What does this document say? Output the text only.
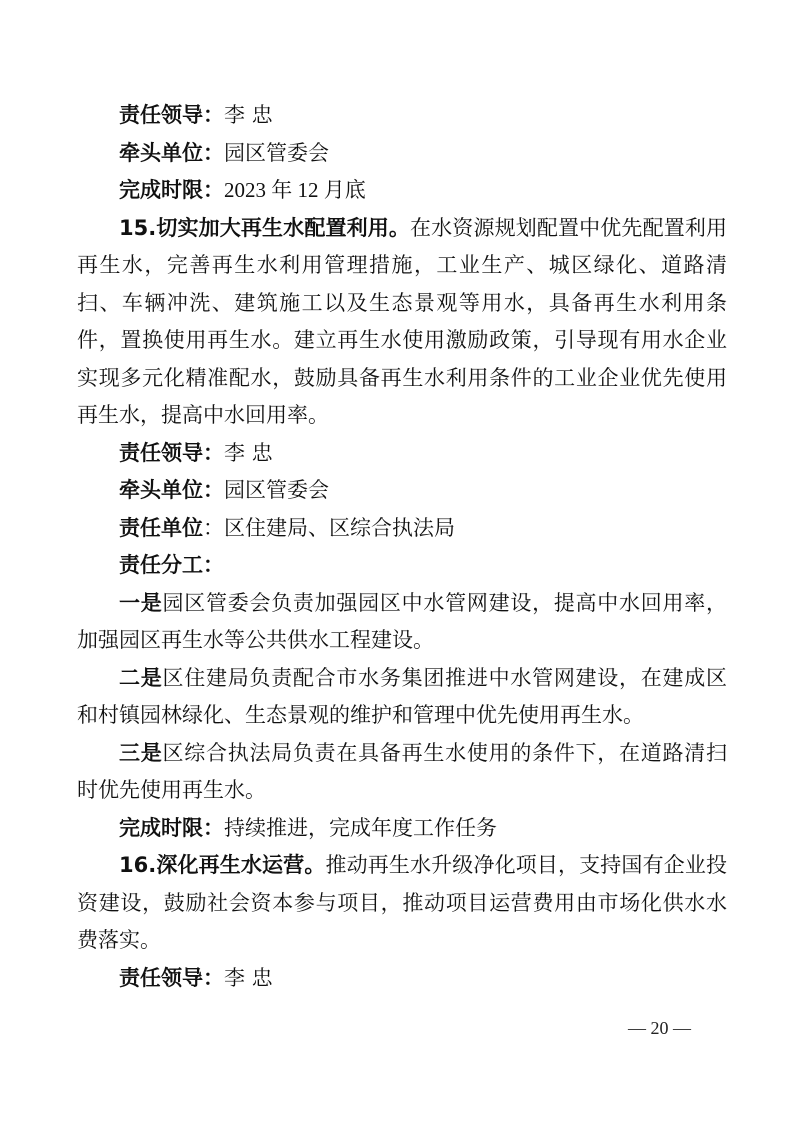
责任领导：李 忠

牵头单位：园区管委会

完成时限：2023 年 12 月底

15.切实加大再生水配置利用。在水资源规划配置中优先配置利用再生水，完善再生水利用管理措施，工业生产、城区绿化、道路清扫、车辆冲洗、建筑施工以及生态景观等用水，具备再生水利用条件，置换使用再生水。建立再生水使用激励政策，引导现有用水企业实现多元化精准配水，鼓励具备再生水利用条件的工业企业优先使用再生水，提高中水回用率。

责任领导：李 忠

牵头单位：园区管委会

责任单位：区住建局、区综合执法局

责任分工：

一是园区管委会负责加强园区中水管网建设，提高中水回用率，加强园区再生水等公共供水工程建设。

二是区住建局负责配合市水务集团推进中水管网建设，在建成区和村镇园林绿化、生态景观的维护和管理中优先使用再生水。

三是区综合执法局负责在具备再生水使用的条件下，在道路清扫时优先使用再生水。

完成时限：持续推进，完成年度工作任务

16.深化再生水运营。推动再生水升级净化项目，支持国有企业投资建设，鼓励社会资本参与项目，推动项目运营费用由市场化供水水费落实。

责任领导：李 忠

— 20 —
